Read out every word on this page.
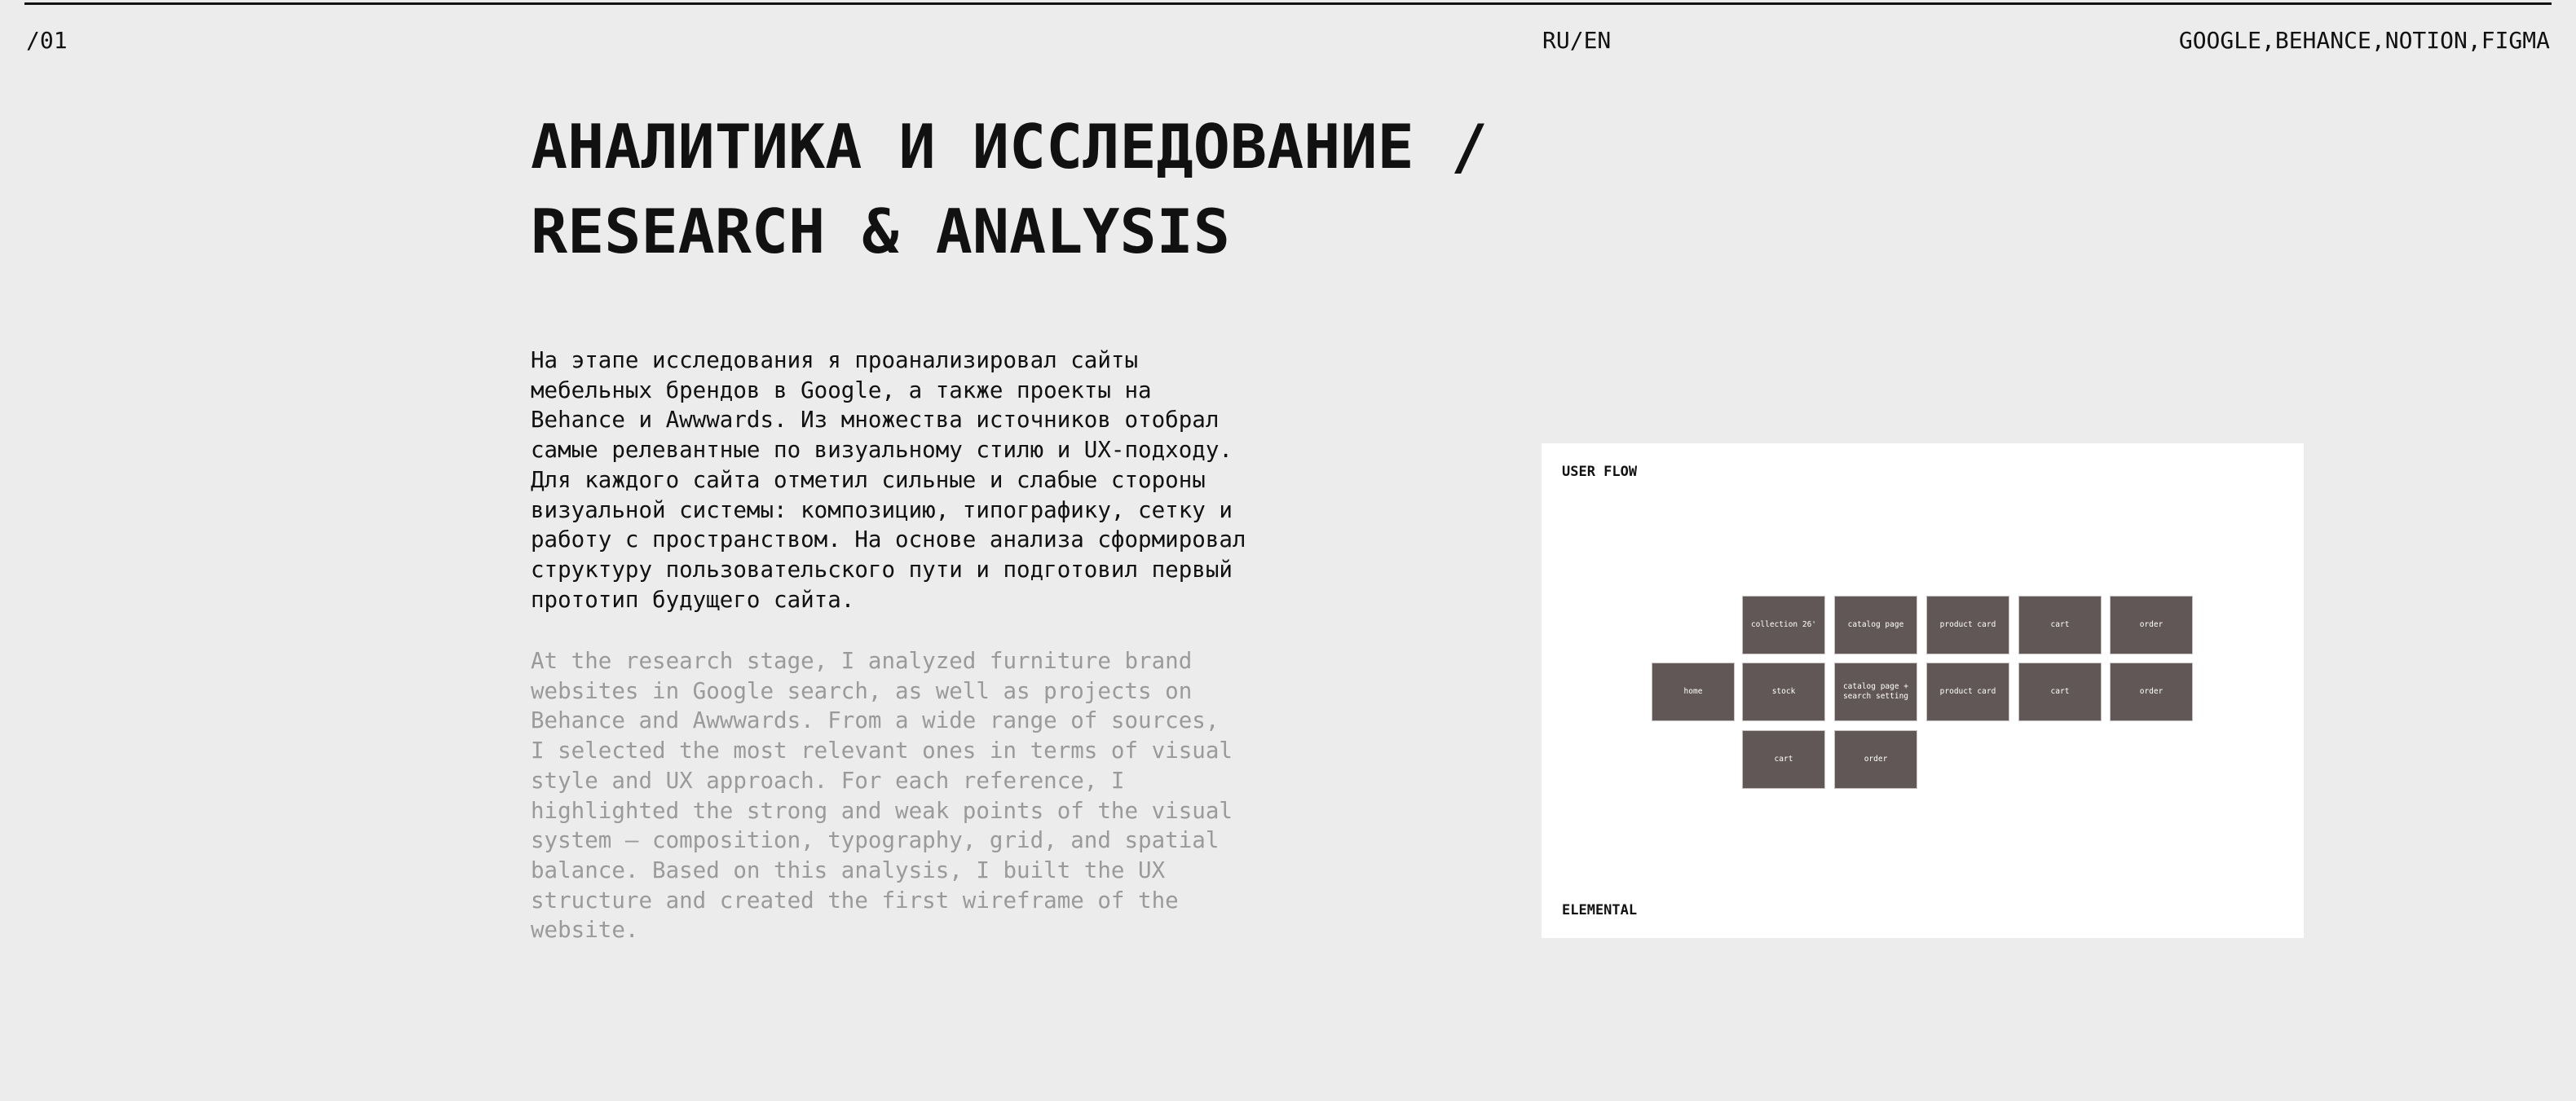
/01	RU/EN	GOOGLE,BEHANCE,NOTION,FIGMA
АНАЛИТИКА И ИССЛЕДОВАНИЕ /
RESEARCH & ANALYSIS

На этапе исследования я проанализировал сайты
мебельных брендов в Google, а также проекты на
Behance и Awwwards. Из множества источников отобрал
самые релевантные по визуальному стилю и UX-подходу.
Для каждого сайта отметил сильные и слабые стороны
визуальной системы: композицию, типографику, сетку и
работу с пространством. На основе анализа сформировал
структуру пользовательского пути и подготовил первый
прототип будущего сайта.

At the research stage, I analyzed furniture brand
websites in Google search, as well as projects on
Behance and Awwwards. From a wide range of sources,
I selected the most relevant ones in terms of visual
style and UX approach. For each reference, I
highlighted the strong and weak points of the visual
system — composition, typography, grid, and spatial
balance. Based on this analysis, I built the UX
structure and created the first wireframe of the
website.

USER FLOW
collection 26'	catalog page	product card	cart	order
home	stock
catalog page +
search setting
product card	cart	order
cart	order
ELEMENTAL
